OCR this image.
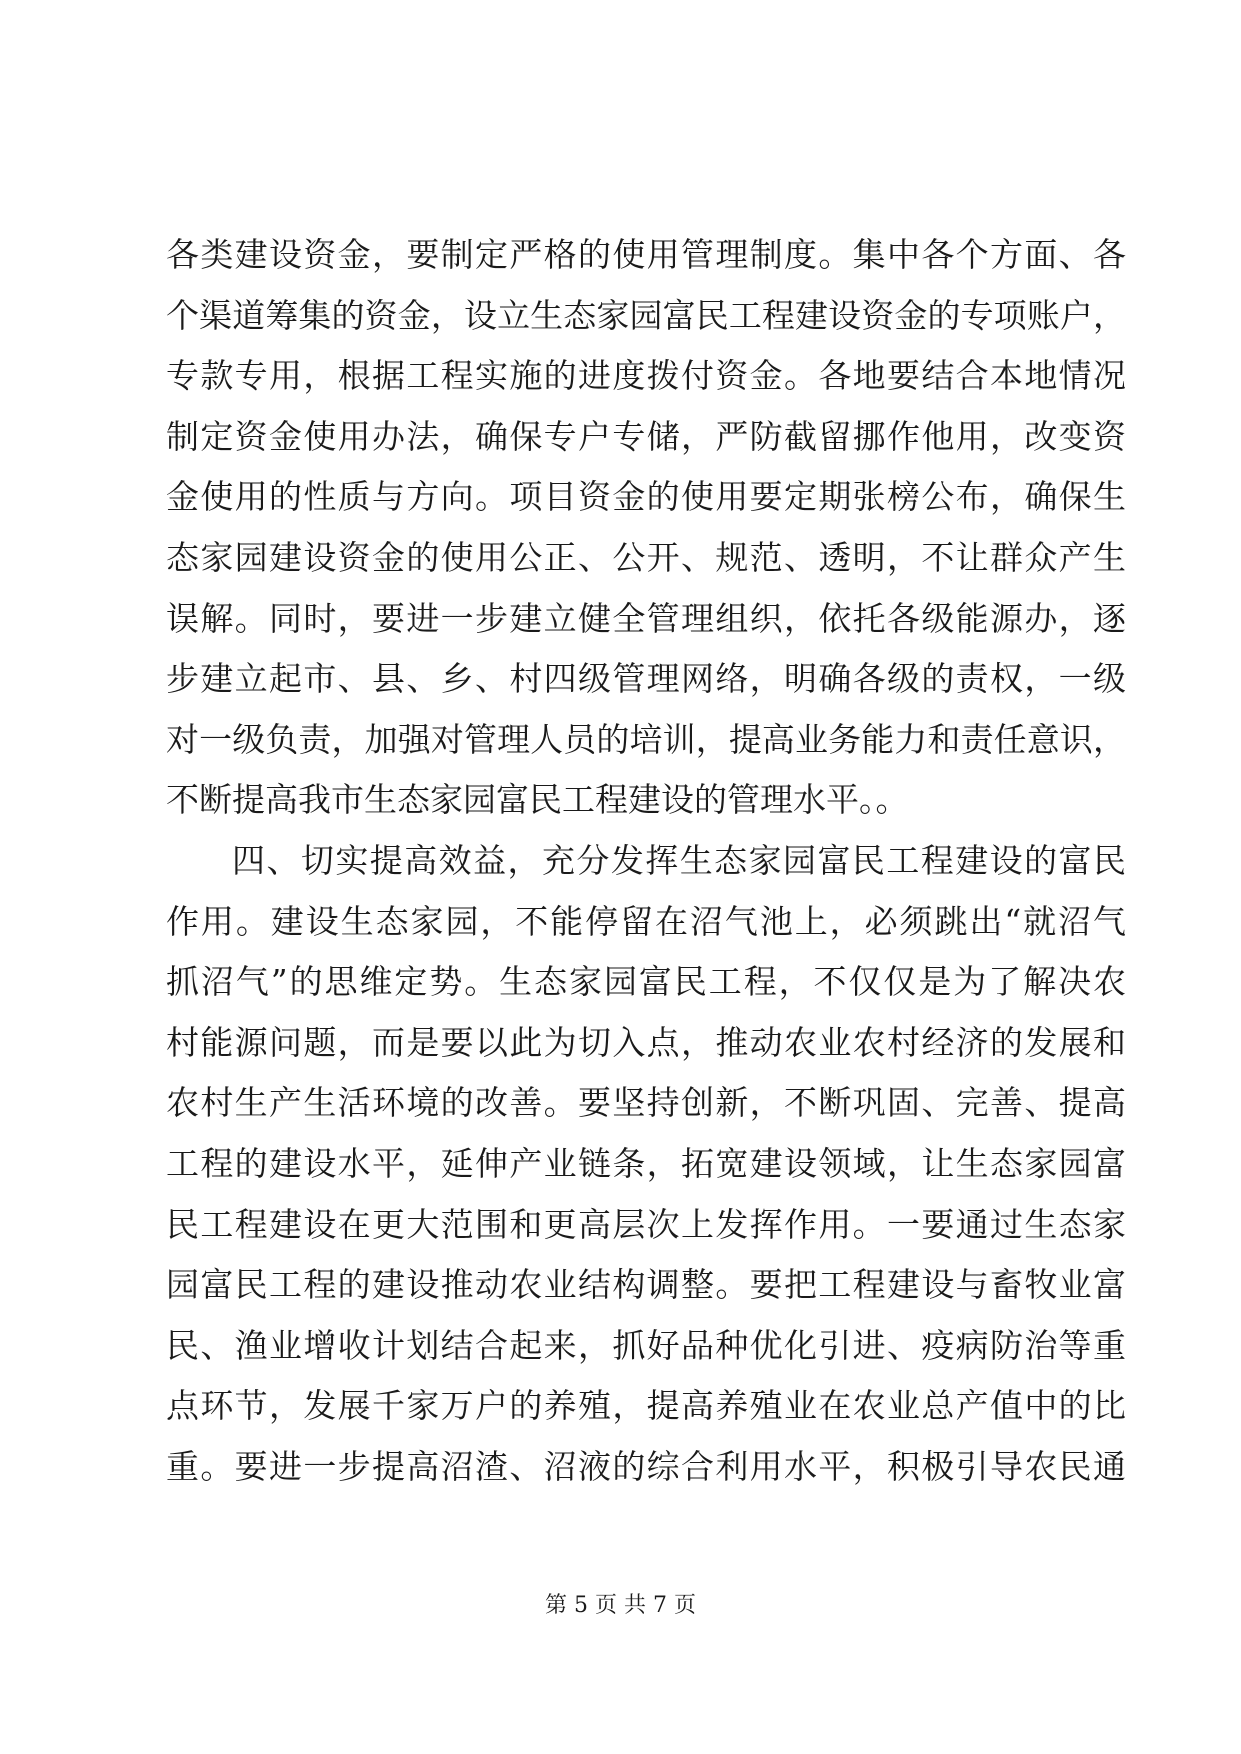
各类建设资金，要制定严格的使用管理制度。集中各个方面、各
个渠道筹集的资金，设立生态家园富民工程建设资金的专项账户，
专款专用，根据工程实施的进度拨付资金。各地要结合本地情况
制定资金使用办法，确保专户专储，严防截留挪作他用，改变资
金使用的性质与方向。项目资金的使用要定期张榜公布，确保生
态家园建设资金的使用公正、公开、规范、透明，不让群众产生
误解。同时，要进一步建立健全管理组织，依托各级能源办，逐
步建立起市、县、乡、村四级管理网络，明确各级的责权，一级
对一级负责，加强对管理人员的培训，提高业务能力和责任意识，
不断提高我市生态家园富民工程建设的管理水平。。
四、切实提高效益，充分发挥生态家园富民工程建设的富民
作用。建设生态家园，不能停留在沼气池上，必须跳出“就沼气
抓沼气”的思维定势。生态家园富民工程，不仅仅是为了解决农
村能源问题，而是要以此为切入点，推动农业农村经济的发展和
农村生产生活环境的改善。要坚持创新，不断巩固、完善、提高
工程的建设水平，延伸产业链条，拓宽建设领域，让生态家园富
民工程建设在更大范围和更高层次上发挥作用。一要通过生态家
园富民工程的建设推动农业结构调整。要把工程建设与畜牧业富
民、渔业增收计划结合起来，抓好品种优化引进、疫病防治等重
点环节，发展千家万户的养殖，提高养殖业在农业总产值中的比
重。要进一步提高沼渣、沼液的综合利用水平，积极引导农民通
第 5 页 共 7 页
